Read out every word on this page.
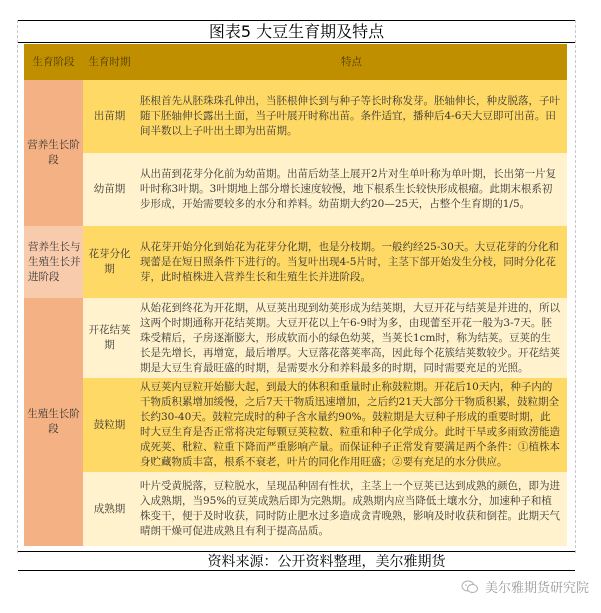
图表5 大豆生育期及特点
生育阶段	生育时期	特点
营养生长阶段	出苗期	胚根首先从胚珠珠孔伸出，当胚根伸长到与种子等长时称发芽。胚轴伸长，种皮脱落，子叶随下胚轴伸长露出土面，当子叶展开时称出苗。条件适宜，播种后4-6天大豆即可出苗。田间半数以上子叶出土即为出苗期。
	幼苗期	从出苗到花芽分化前为幼苗期。出苗后幼茎上展开2片对生单叶称为单叶期，长出第一片复叶时称3叶期。3叶期地上部分增长速度较慢，地下根系生长较快形成根瘤。此期末根系初步形成，开始需要较多的水分和养料。幼苗期大约20—25天，占整个生育期的1/5。
营养生长与生殖生长并进阶段	花芽分化期	从花芽开始分化到始花为花芽分化期，也是分枝期。一般约经25-30天。大豆花芽的分化和现蕾是在短日照条件下进行的。当复叶出现4-5片时，主茎下部开始发生分枝，同时分化花芽，此时植株进入营养生长和生殖生长并进阶段。
生殖生长阶段	开花结荚期	从始花到终花为开花期，从豆荚出现到幼荚形成为结荚期，大豆开花与结荚是并进的，所以这两个时期通称开花结荚期。大豆开花以上午6-9时为多，由现蕾至开花一般为3-7天。胚珠受精后，子房逐渐膨大，形成软而小的绿色幼荚，当荚长1cm时，称为结荚。豆荚的生长是先增长，再增宽，最后增厚。大豆落花落荚率高，因此每个花簇结荚数较少。开花结荚期是大豆生育最旺盛的时期，是需要水分和养料最多的时期，同时需要充足的光照。
	鼓粒期	从豆荚内豆粒开始膨大起，到最大的体积和重量时止称鼓粒期。开花后10天内，种子内的干物质积累增加缓慢，之后7天干物质迅速增加，之后约21天大部分干物质积累，鼓粒期全长约30-40天。鼓粒完成时的种子含水量约90%。鼓粒期是大豆种子形成的重要时期，此时大豆生育是否正常将决定每颗豆荚粒数、粒重和种子化学成分。此时干旱或多雨致涝能造成死荚、秕粒、粒重下降而严重影响产量。而保证种子正常发育要满足两个条件：①植株本身贮藏物质丰富，根系不衰老，叶片的同化作用旺盛；②要有充足的水分供应。
	成熟期	叶片受黄脱落，豆粒脱水，呈现品种固有性状，主茎上一个豆荚已达到成熟的颜色，即为进入成熟期，当95%的豆荚成熟后即为完熟期。成熟期内应当降低土壤水分，加速种子和植株变干，便于及时收获，同时防止肥水过多造成贪青晚熟，影响及时收获和倒茬。此期天气晴朗干燥可促进成熟且有利于提高品质。
资料来源：公开资料整理，美尔雅期货
美尔雅期货研究院
